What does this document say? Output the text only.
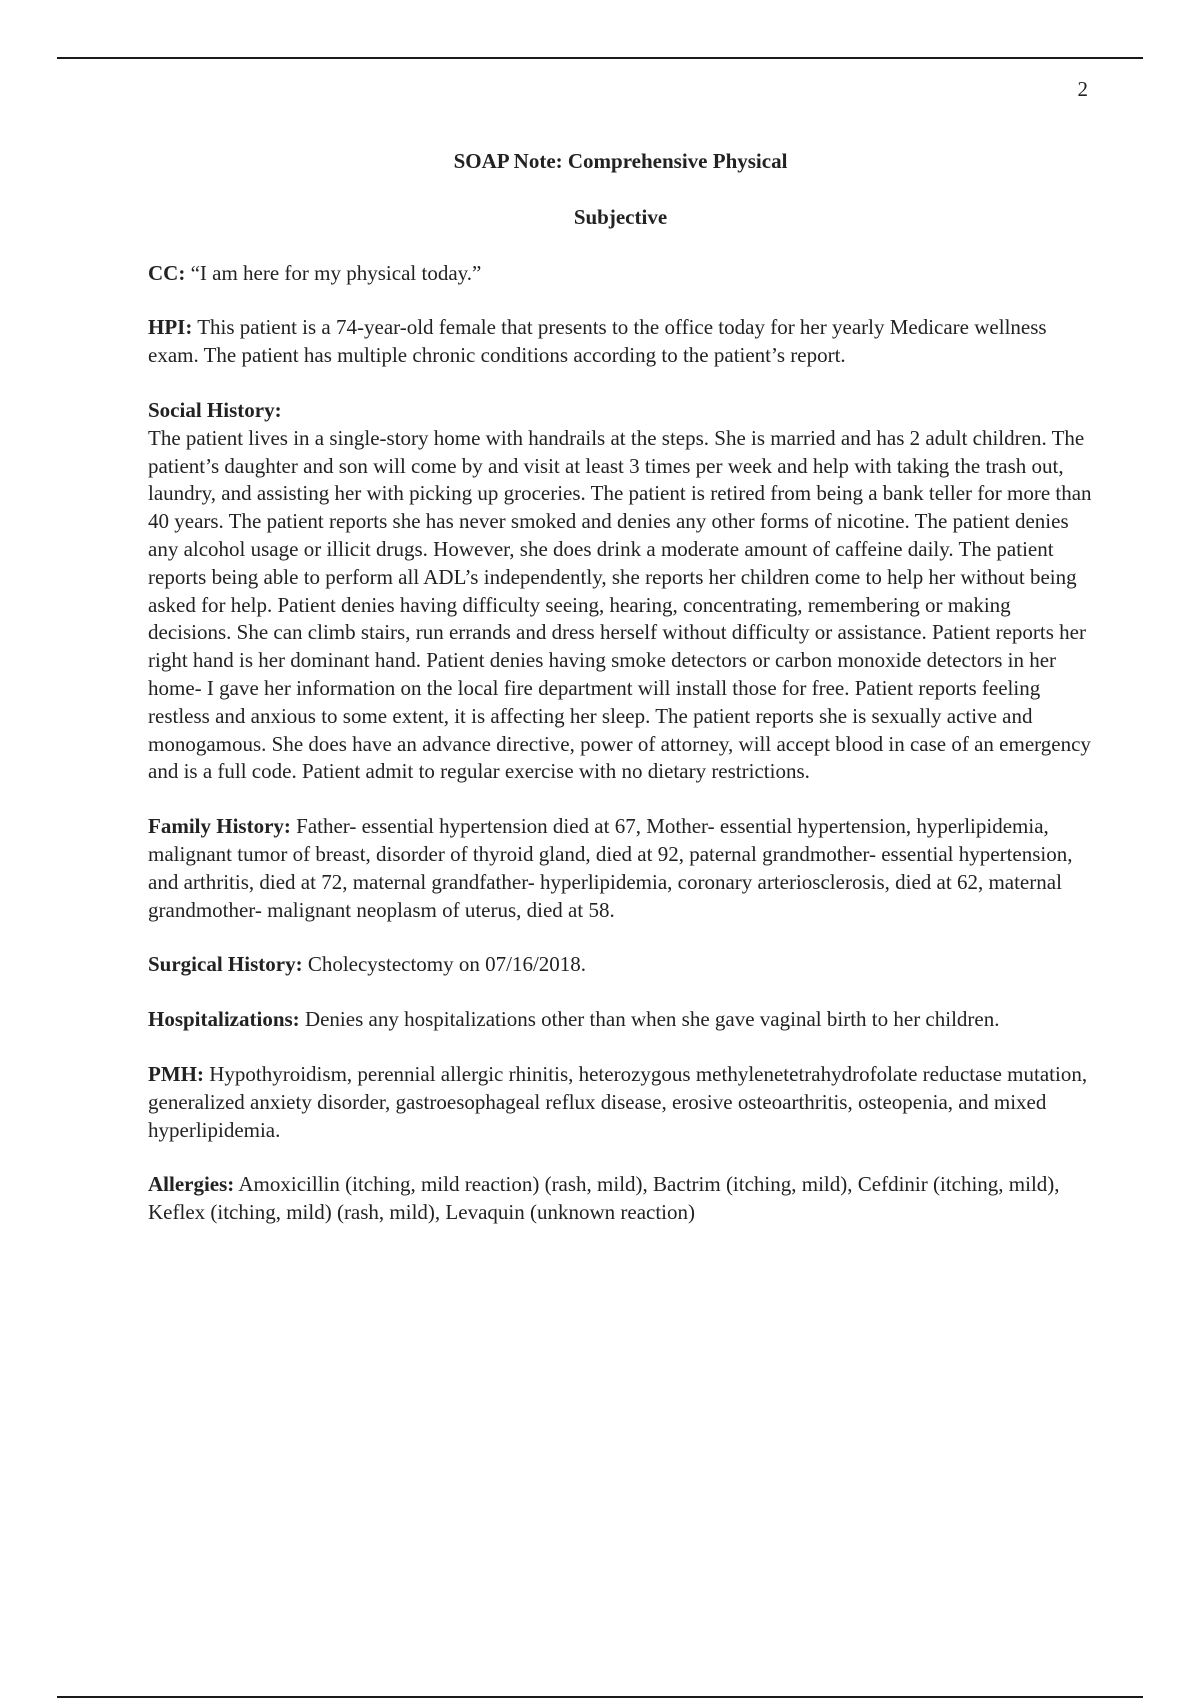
2

SOAP Note: Comprehensive Physical

Subjective

CC: “I am here for my physical today.”

HPI: This patient is a 74-year-old female that presents to the office today for her yearly Medicare wellness exam. The patient has multiple chronic conditions according to the patient’s report.

Social History:
The patient lives in a single-story home with handrails at the steps. She is married and has 2 adult children. The patient’s daughter and son will come by and visit at least 3 times per week and help with taking the trash out, laundry, and assisting her with picking up groceries. The patient is retired from being a bank teller for more than 40 years. The patient reports she has never smoked and denies any other forms of nicotine. The patient denies any alcohol usage or illicit drugs. However, she does drink a moderate amount of caffeine daily. The patient reports being able to perform all ADL’s independently, she reports her children come to help her without being asked for help. Patient denies having difficulty seeing, hearing, concentrating, remembering or making decisions. She can climb stairs, run errands and dress herself without difficulty or assistance. Patient reports her right hand is her dominant hand. Patient denies having smoke detectors or carbon monoxide detectors in her home- I gave her information on the local fire department will install those for free. Patient reports feeling restless and anxious to some extent, it is affecting her sleep. The patient reports she is sexually active and monogamous. She does have an advance directive, power of attorney, will accept blood in case of an emergency and is a full code. Patient admit to regular exercise with no dietary restrictions.

Family History: Father- essential hypertension died at 67, Mother- essential hypertension, hyperlipidemia, malignant tumor of breast, disorder of thyroid gland, died at 92, paternal grandmother- essential hypertension, and arthritis, died at 72, maternal grandfather- hyperlipidemia, coronary arteriosclerosis, died at 62, maternal grandmother- malignant neoplasm of uterus, died at 58.

Surgical History: Cholecystectomy on 07/16/2018.

Hospitalizations: Denies any hospitalizations other than when she gave vaginal birth to her children.

PMH: Hypothyroidism, perennial allergic rhinitis, heterozygous methylenetetrahydrofolate reductase mutation, generalized anxiety disorder, gastroesophageal reflux disease, erosive osteoarthritis, osteopenia, and mixed hyperlipidemia.

Allergies: Amoxicillin (itching, mild reaction) (rash, mild), Bactrim (itching, mild), Cefdinir (itching, mild), Keflex (itching, mild) (rash, mild), Levaquin (unknown reaction)
